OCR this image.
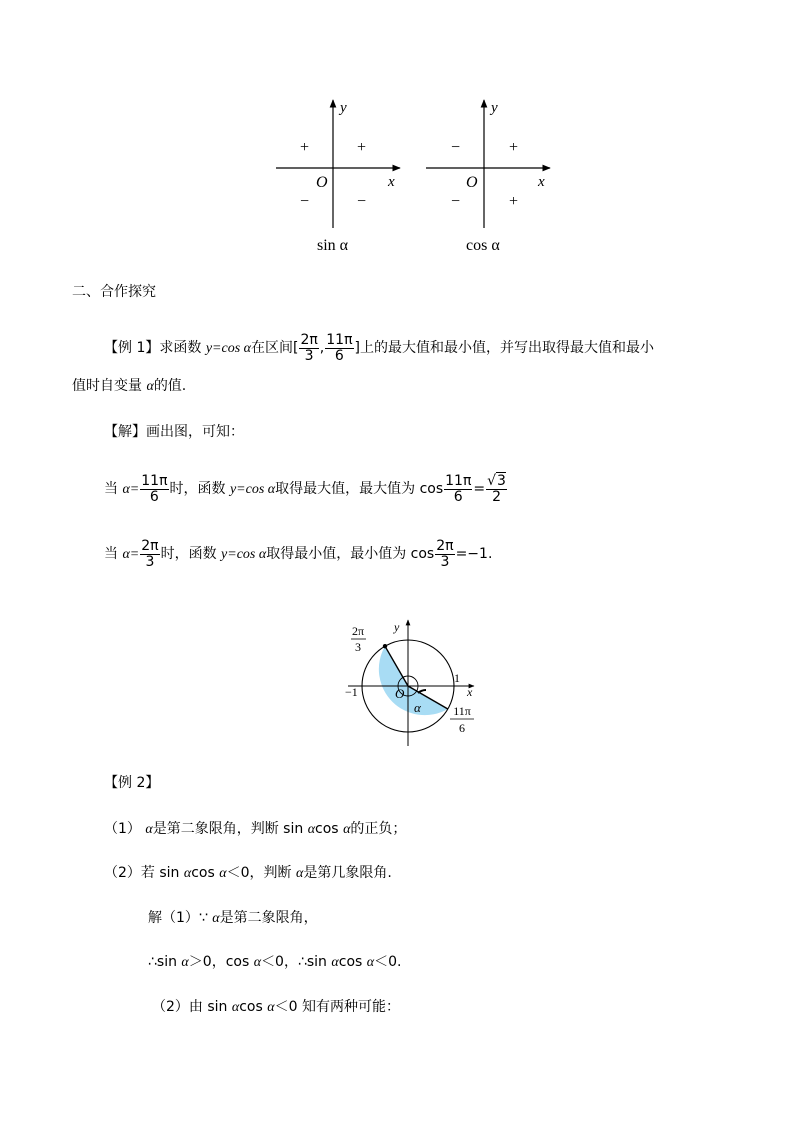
y
x
O
+
+
−	−
sin α
y
x
O
+
−
−	+
cos α
二、合作探究
【例 1】求函数 y=cos α在区间[ $\frac{2\pi}{3}$ , $\frac{11\pi}{6}$ ]上的最大值和最小值，并写出取得最大值和最小
值时自变量 α的值.
【解】画出图，可知：
当 $\alpha= \frac{11\pi}{6}$ 时，函数 y=cos α取得最大值，最大值为 $\cos \frac{11\pi}{6} = \frac{√3}{2}$
当 $\alpha= \frac{2\pi}{3}$ 时，函数 y=cos α取得最小值，最小值为 $\cos \frac{2\pi}{3} =-1$.
y
x
O
−1
1
α
2π
3
11π
6
【例 2】
（1） α是第二象限角，判断 sin αcos α的正负；
（2）若 sin αcos α＜0，判断 α是第几象限角.
解（1）∵ α是第二象限角，
∴sin α＞0，cos α＜0，∴sin αcos α＜0.
（2）由 sin αcos α＜0 知有两种可能：
